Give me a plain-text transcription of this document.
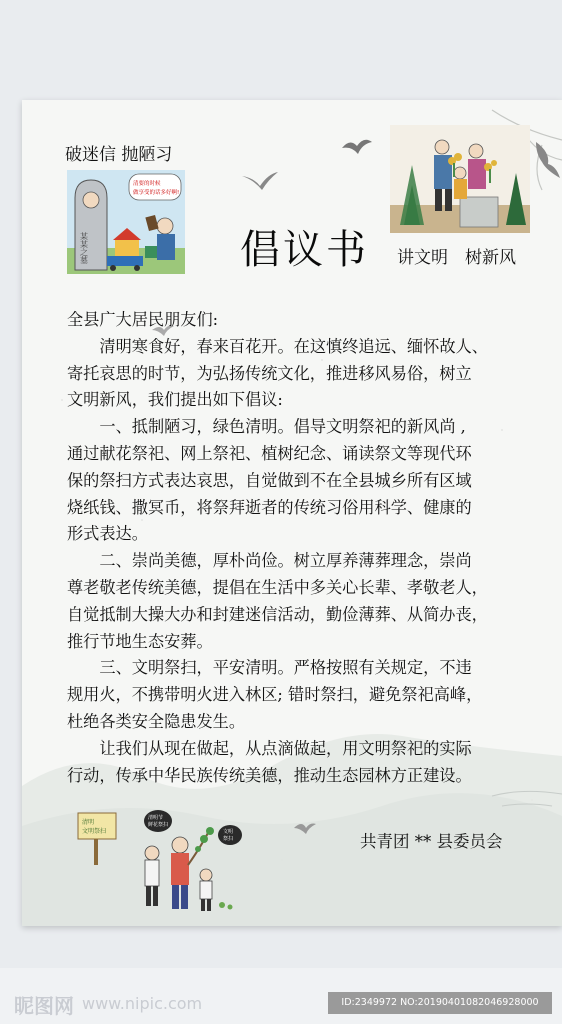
破迷信 抛陋习
某某之墓
清要的时候
做享受的话多好啊!
倡议书 讲文明　树新风

全县广大居民朋友们:

清明寒食好，春来百花开。在这慎终追远、缅怀故人、

寄托哀思的时节，为弘扬传统文化，推进移风易俗，树立

文明新风，我们提出如下倡议:

一、抵制陋习，绿色清明。倡导文明祭祀的新风尚 ,

通过献花祭祀、网上祭祀、植树纪念、诵读祭文等现代环

保的祭扫方式表达哀思，自觉做到不在全县城乡所有区域

烧纸钱、撒冥币，将祭拜逝者的传统习俗用科学、健康的

形式表达。

二、崇尚美德，厚朴尚俭。树立厚养薄葬理念，崇尚

尊老敬老传统美德，提倡在生活中多关心长辈、孝敬老人，

自觉抵制大操大办和封建迷信活动，勤俭薄葬、从简办丧，

推行节地生态安葬。

三、文明祭扫，平安清明。严格按照有关规定，不违

规用火，不携带明火进入林区; 错时祭扫，避免祭祀高峰，

杜绝各类安全隐患发生。

让我们从现在做起，从点滴做起，用文明祭祀的实际

行动，传承中华民族传统美德，推动生态园林方正建设。

共青团 ** 县委员会
清明
文明祭扫
清明节
鲜花祭扫
文明
祭扫
昵图网 www.nipic.com	ID:2349972 NO:20190401082046928000
